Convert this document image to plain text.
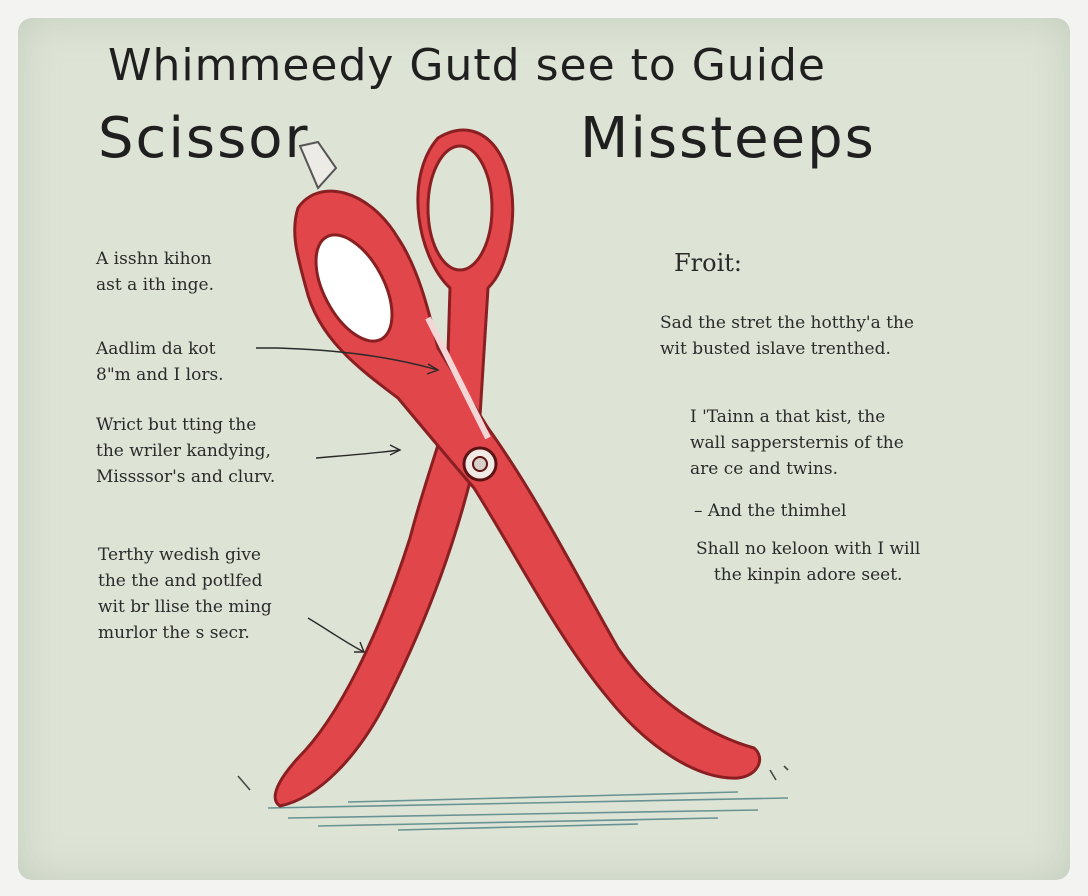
Whimmeedy Gutd see to Guide
Scissor	Missteeps
A isshn kihon
ast a ith inge.
Aadlim da kot
8"m and I lors.
Wrict but tting the
the wriler kandying,
Missssor's and clurv.
Terthy wedish give
the the and potlfed
wit br llise the ming
murlor the s secr.
Froit:
Sad the stret the hotthy'a the
wit busted islave trenthed.
I 'Tainn a that kist, the
wall sappersternis of the
are ce and twins.
– And the thimhel
Shall no keloon with I will
the kinpin adore seet.
